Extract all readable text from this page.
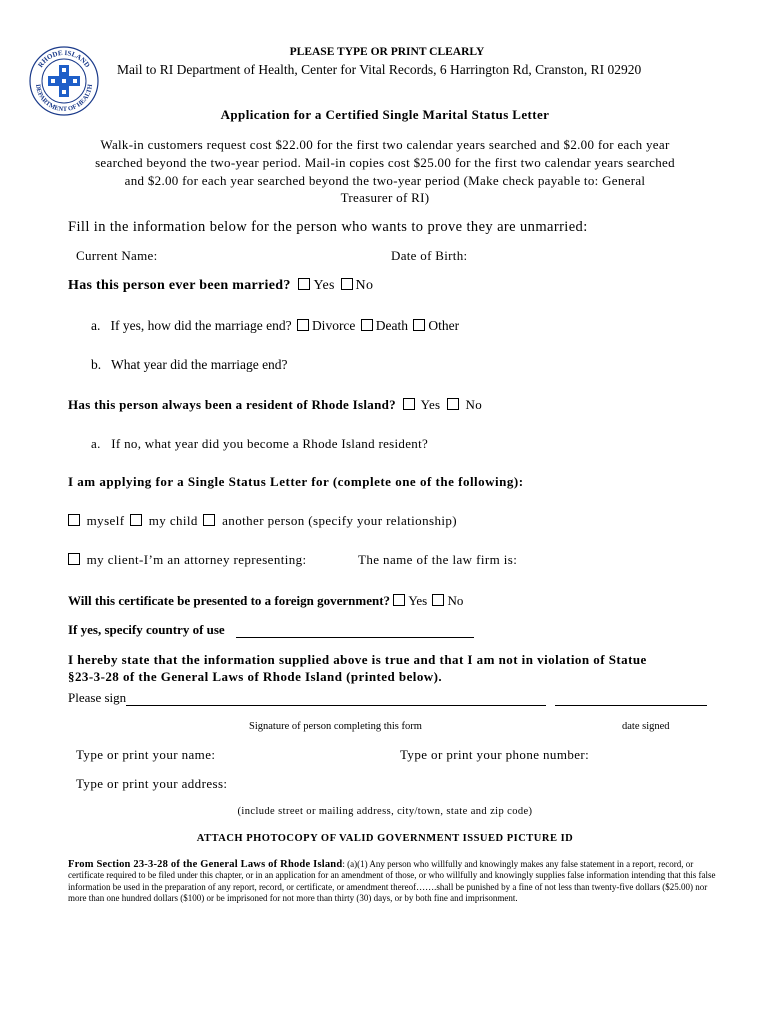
RHODE ISLAND
DEPARTMENT OF HEALTH
PLEASE TYPE OR PRINT CLEARLY
Mail to RI Department of Health, Center for Vital Records, 6 Harrington Rd, Cranston, RI 02920
Application for a Certified Single Marital Status Letter
Walk-in customers request cost $22.00 for the first two calendar years searched and $2.00 for each year
searched beyond the two-year period. Mail-in copies cost $25.00 for the first two calendar years searched
and $2.00 for each year searched beyond the two-year period (Make check payable to: General
Treasurer of RI)
Fill in the information below for the person who wants to prove they are unmarried:
Current Name:	Date of Birth:
Has this person ever been married? Yes No
a. If yes, how did the marriage end? Divorce Death Other
b. What year did the marriage end?
Has this person always been a resident of Rhode Island? Yes No
a. If no, what year did you become a Rhode Island resident?
I am applying for a Single Status Letter for (complete one of the following):
myself my child another person (specify your relationship)
my client-I’m an attorney representing:	The name of the law firm is:
Will this certificate be presented to a foreign government? Yes No
If yes, specify country of use
I hereby state that the information supplied above is true and that I am not in violation of Statue
§23-3-28 of the General Laws of Rhode Island (printed below).
Please sign
Signature of person completing this form	date signed
Type or print your name:	Type or print your phone number:
Type or print your address:
(include street or mailing address, city/town, state and zip code)
ATTACH PHOTOCOPY OF VALID GOVERNMENT ISSUED PICTURE ID
From Section 23-3-28 of the General Laws of Rhode Island: (a)(1) Any person who willfully and knowingly makes any false statement in a report, record, or certificate required to be filed under this chapter, or in an application for an amendment of those, or who willfully and knowingly supplies false information intending that this false information be used in the preparation of any report, record, or certificate, or amendment thereof…….shall be punished by a fine of not less than twenty-five dollars ($25.00) nor more than one hundred dollars ($100) or be imprisoned for not more than thirty (30) days, or by both fine and imprisonment.
